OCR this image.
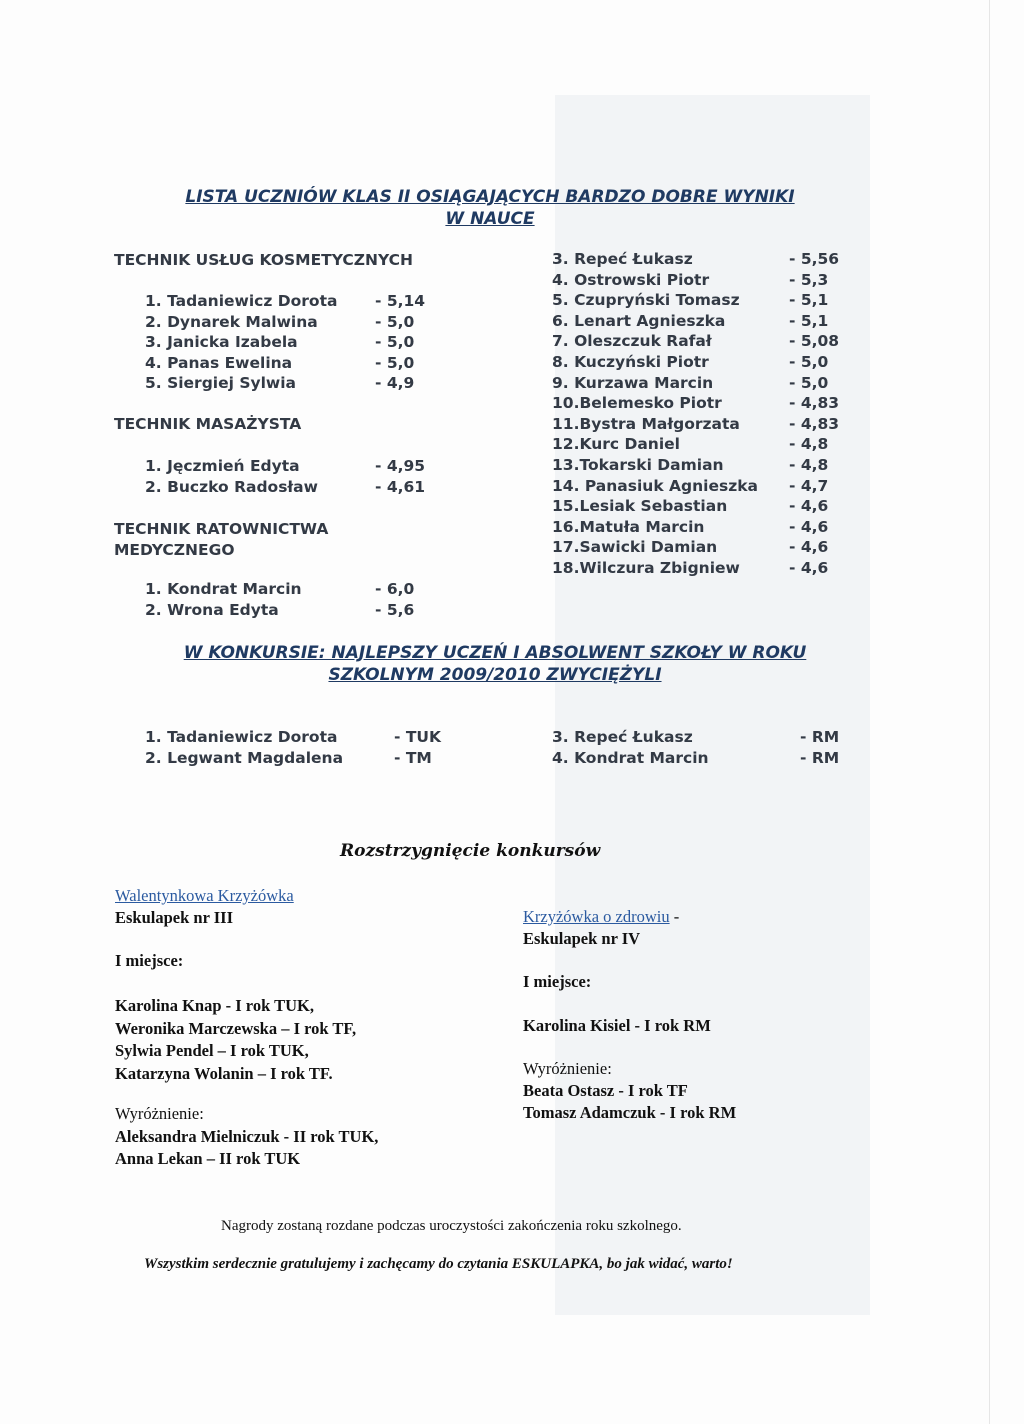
LISTA UCZNIÓW KLAS II OSIĄGAJĄCYCH BARDZO DOBRE WYNIKI
W NAUCE
TECHNIK USŁUG KOSMETYCZNYCH
1. Tadaniewicz Dorota - 5,14
2. Dynarek Malwina	- 5,0
3. Janicka Izabela	- 5,0
4. Panas Ewelina	- 5,0
5. Siergiej Sylwia	- 4,9
TECHNIK MASAŻYSTA
1. Jęczmień Edyta	- 4,95
2. Buczko Radosław	- 4,61
TECHNIK RATOWNICTWA
MEDYCZNEGO
1. Kondrat Marcin	- 6,0
2. Wrona Edyta	- 5,6
3. Repeć Łukasz	- 5,56
4. Ostrowski Piotr	- 5,3
5. Czupryński Tomasz	- 5,1
6. Lenart Agnieszka	- 5,1
7. Oleszczuk Rafał	- 5,08
8. Kuczyński Piotr	- 5,0
9. Kurzawa Marcin	- 5,0
10.Belemesko Piotr	- 4,83
11.Bystra Małgorzata	- 4,83
12.Kurc Daniel	- 4,8
13.Tokarski Damian	- 4,8
14. Panasiuk Agnieszka - 4,7
15.Lesiak Sebastian	- 4,6
16.Matuła Marcin	- 4,6
17.Sawicki Damian	- 4,6
18.Wilczura Zbigniew	- 4,6
W KONKURSIE: NAJLEPSZY UCZEŃ I ABSOLWENT SZKOŁY W ROKU
SZKOLNYM 2009/2010 ZWYCIĘŻYLI
1. Tadaniewicz Dorota	- TUK
2. Legwant Magdalena	- TM
3. Repeć Łukasz	- RM
4. Kondrat Marcin	- RM
Rozstrzygnięcie konkursów
Walentynkowa Krzyżówka
Eskulapek nr III
I miejsce:
Karolina Knap - I rok TUK,
Weronika Marczewska – I rok TF,
Sylwia Pendel – I rok TUK,
Katarzyna Wolanin – I rok TF.
Wyróżnienie:
Aleksandra Mielniczuk - II rok TUK,
Anna Lekan – II rok TUK
Krzyżówka o zdrowiu -
Eskulapek nr IV
I miejsce:
Karolina Kisiel - I rok RM
Wyróżnienie:
Beata Ostasz - I rok TF
Tomasz Adamczuk - I rok RM
Nagrody zostaną rozdane podczas uroczystości zakończenia roku szkolnego.
Wszystkim serdecznie gratulujemy i zachęcamy do czytania ESKULAPKA, bo jak widać, warto!
